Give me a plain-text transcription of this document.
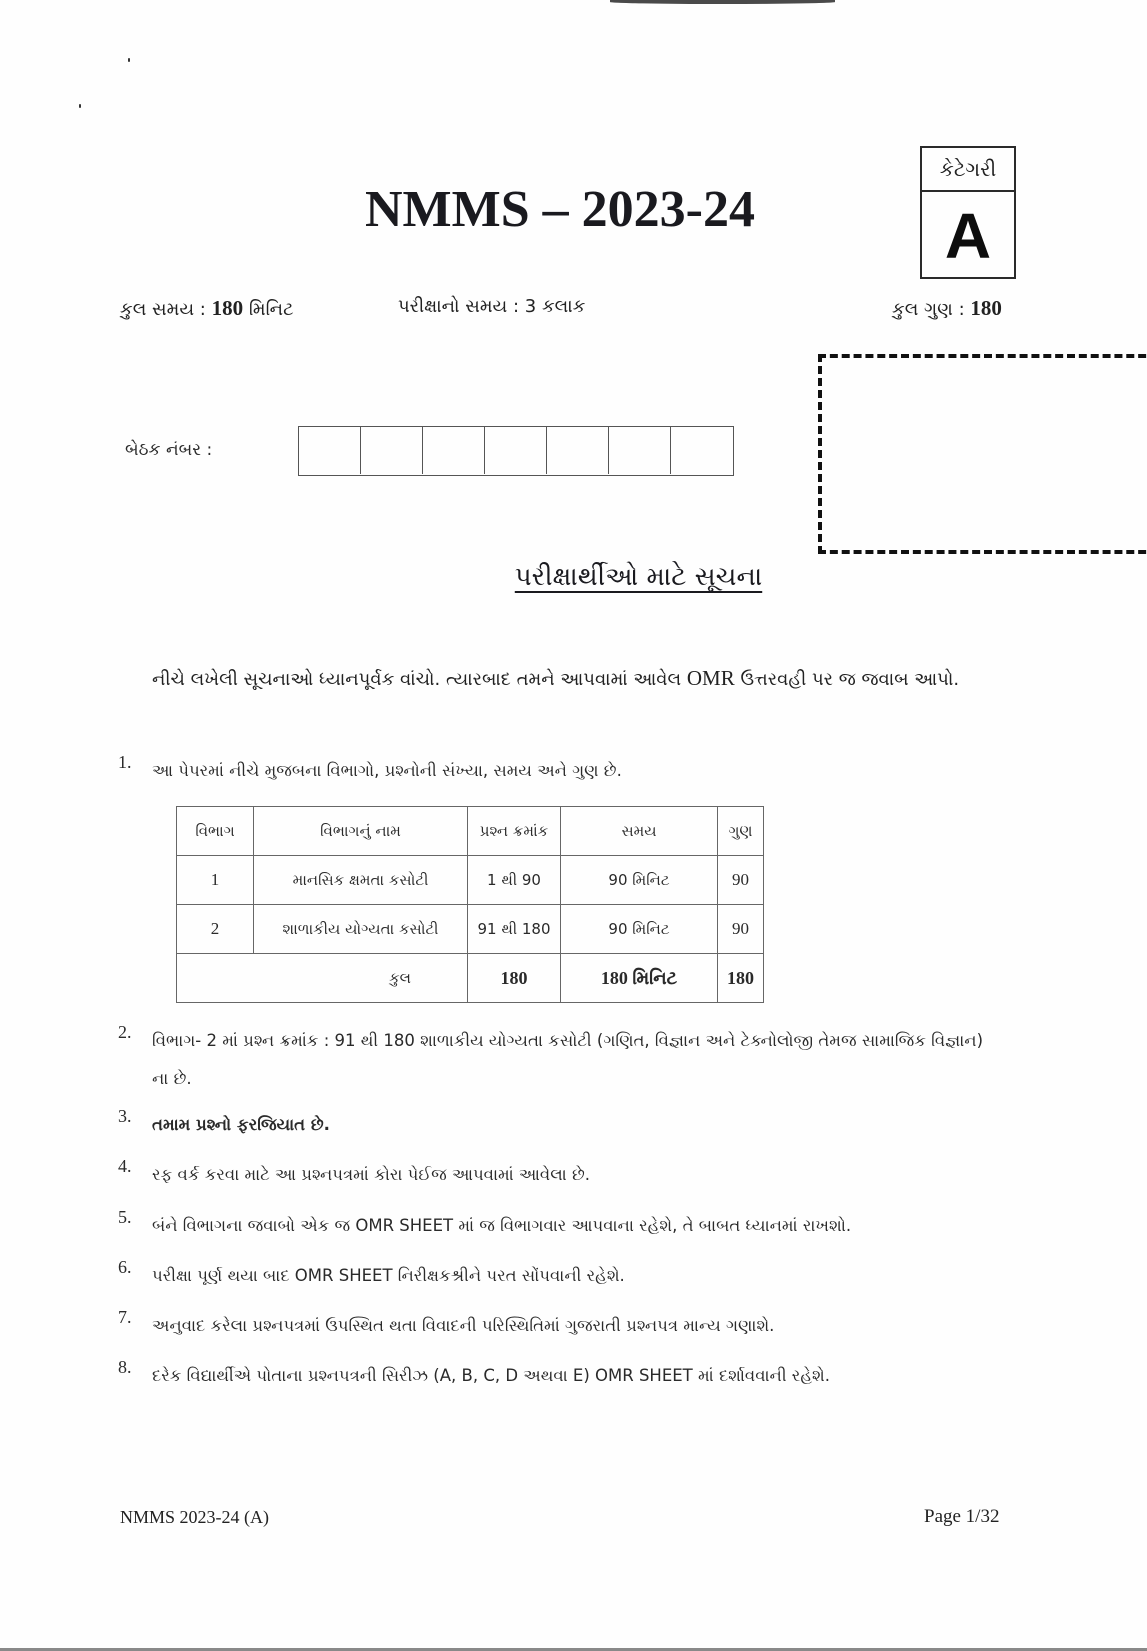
NMMS – 2023-24
કેટેગરી
A
કુલ સમય : 180 મિનિટ	પરીક્ષાનો સમય : 3 કલાક	કુલ ગુણ : 180
બેઠક નંબર :
પરીક્ષાર્થીઓ માટે સૂચના
નીચે લખેલી સૂચનાઓ ધ્યાનપૂર્વક વાંચો. ત્યારબાદ તમને આપવામાં આવેલ OMR ઉત્તરવહી પર જ જવાબ આપો.
1.	આ પેપરમાં નીચે મુજબના વિભાગો, પ્રશ્નોની સંખ્યા, સમય અને ગુણ છે.
વિભાગ	વિભાગનું નામ	પ્રશ્ન ક્રમાંક	સમય	ગુણ
1	માનસિક ક્ષમતા કસોટી	1 થી 90	90 મિનિટ	90
2	શાળાકીય યોગ્યતા કસોટી	91 થી 180	90 મિનિટ	90
કુલ		180	180 મિનિટ	180
2.	વિભાગ- 2 માં પ્રશ્ન ક્રમાંક : 91 થી 180 શાળાકીય યોગ્યતા કસોટી (ગણિત, વિજ્ઞાન અને ટેક્નોલોજી તેમજ સામાજિક વિજ્ઞાન) ના છે.
3.	તમામ પ્રશ્નો ફરજિયાત છે.
4.	રફ વર્ક કરવા માટે આ પ્રશ્નપત્રમાં કોરા પેઈજ આપવામાં આવેલા છે.
5.	બંને વિભાગના જવાબો એક જ OMR SHEET માં જ વિભાગવાર આપવાના રહેશે, તે બાબત ધ્યાનમાં રાખશો.
6.	પરીક્ષા પૂર્ણ થયા બાદ OMR SHEET નિરીક્ષકશ્રીને પરત સોંપવાની રહેશે.
7.	અનુવાદ કરેલા પ્રશ્નપત્રમાં ઉપસ્થિત થતા વિવાદની પરિસ્થિતિમાં ગુજરાતી પ્રશ્નપત્ર માન્ય ગણાશે.
8.	દરેક વિદ્યાર્થીએ પોતાના પ્રશ્નપત્રની સિરીઝ (A, B, C, D અથવા E) OMR SHEET માં દર્શાવવાની રહેશે.
NMMS 2023-24 (A)	Page 1/32
